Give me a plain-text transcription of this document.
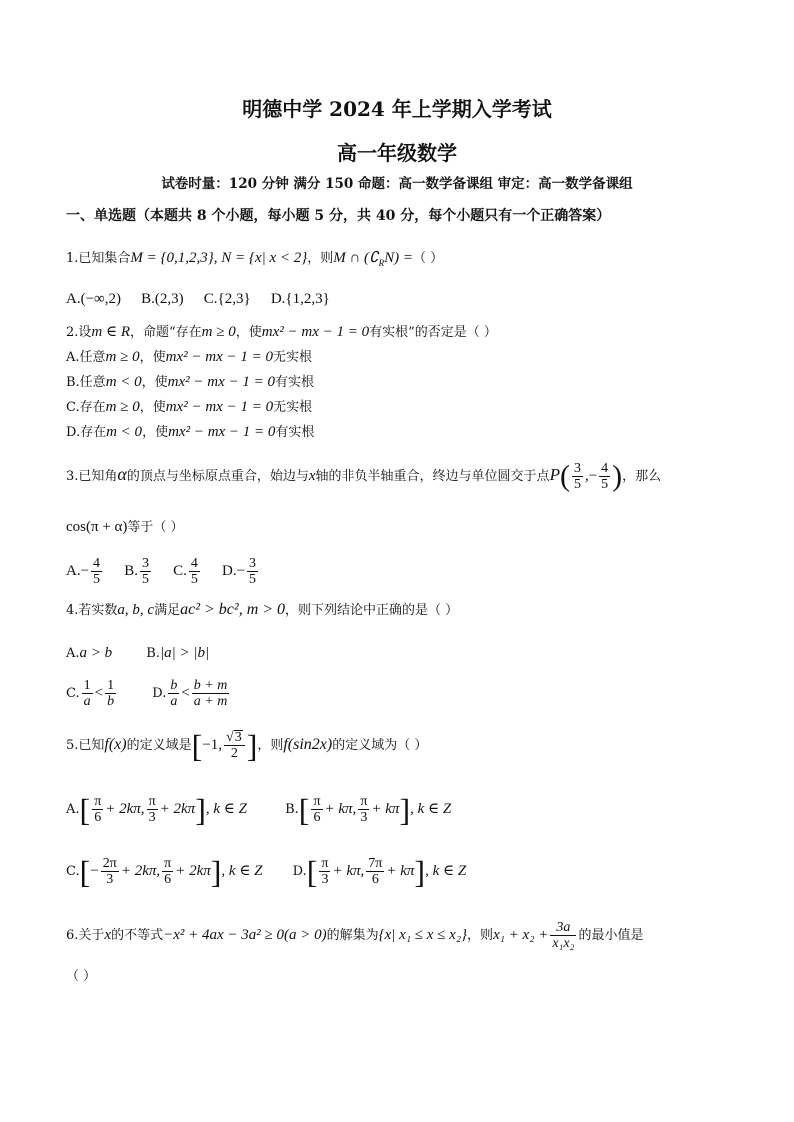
明德中学 2024 年上学期入学考试
高一年级数学
试卷时量：120 分钟 满分 150 命题：高一数学备课组 审定：高一数学备课组
一、单选题（本题共 8 个小题，每小题 5 分，共 40 分，每个小题只有一个正确答案）
1.已知集合M = {0,1,2,3}, N = {x| x < 2}，则M ∩ $(∁_RN)$ =（ ）
A.(−∞,2) B.(2,3) C.{2,3} D.{1,2,3}
2.设m ∈ R，命题“存在m ≥ 0，使mx² − mx − 1 = 0有实根”的否定是（ ）
A.任意m ≥ 0，使mx² − mx − 1 = 0无实根
B.任意m < 0，使mx² − mx − 1 = 0有实根
C.存在m ≥ 0，使mx² − mx − 1 = 0无实根
D.存在m < 0，使mx² − mx − 1 = 0有实根
3.已知角α的顶点与坐标原点重合，始边与x轴的非负半轴重合，终边与单位圆交于点$P( \frac{3}{5}$ ,− $\frac{4}{5}$ )，那么
cos(π + α)等于（ ）
$A.- \frac{4}{5} B$. $\frac{3}{5} C$. $\frac{4}{5} D.- \frac{3}{5}$
4.若实数a, b, c满足ac² > bc², m > 0，则下列结论中正确的是（ ）
A.a > b	B.|a| > |b|
C. $\frac{1}{a} < \frac{1}{b}$	D. $\frac{b}{a} < \frac{b + m}{a + m}$
5.已知f(x)的定义域是[−1, $\frac{√3}{2}$ ]，则f(sin2x)的定义域为（ ）
$A.[ \frac{\pi}{6} + 2k\pi$, $\frac{\pi}{3} + 2k\pi$], k ∈ Z	$B.[ \frac{\pi}{6} + k\pi$, $\frac{\pi}{3} + k\pi$], k ∈ Z
$C.[- \frac{2\pi}{3} + 2k\pi$, $\frac{\pi}{6} + 2k\pi$], k ∈ Z $D.[ \frac{\pi}{3} + k\pi$, $\frac{7\pi}{6} + k\pi$], k ∈ Z
6.关于x的不等式−x² + 4ax − 3a² ≥ 0(a > 0)的解集为{x| x₁ ≤ x ≤ x₂}，则$x_1 + x_2 + \frac{3a}{\text{x₁x₂}}$ 的最小值是
（ ）
